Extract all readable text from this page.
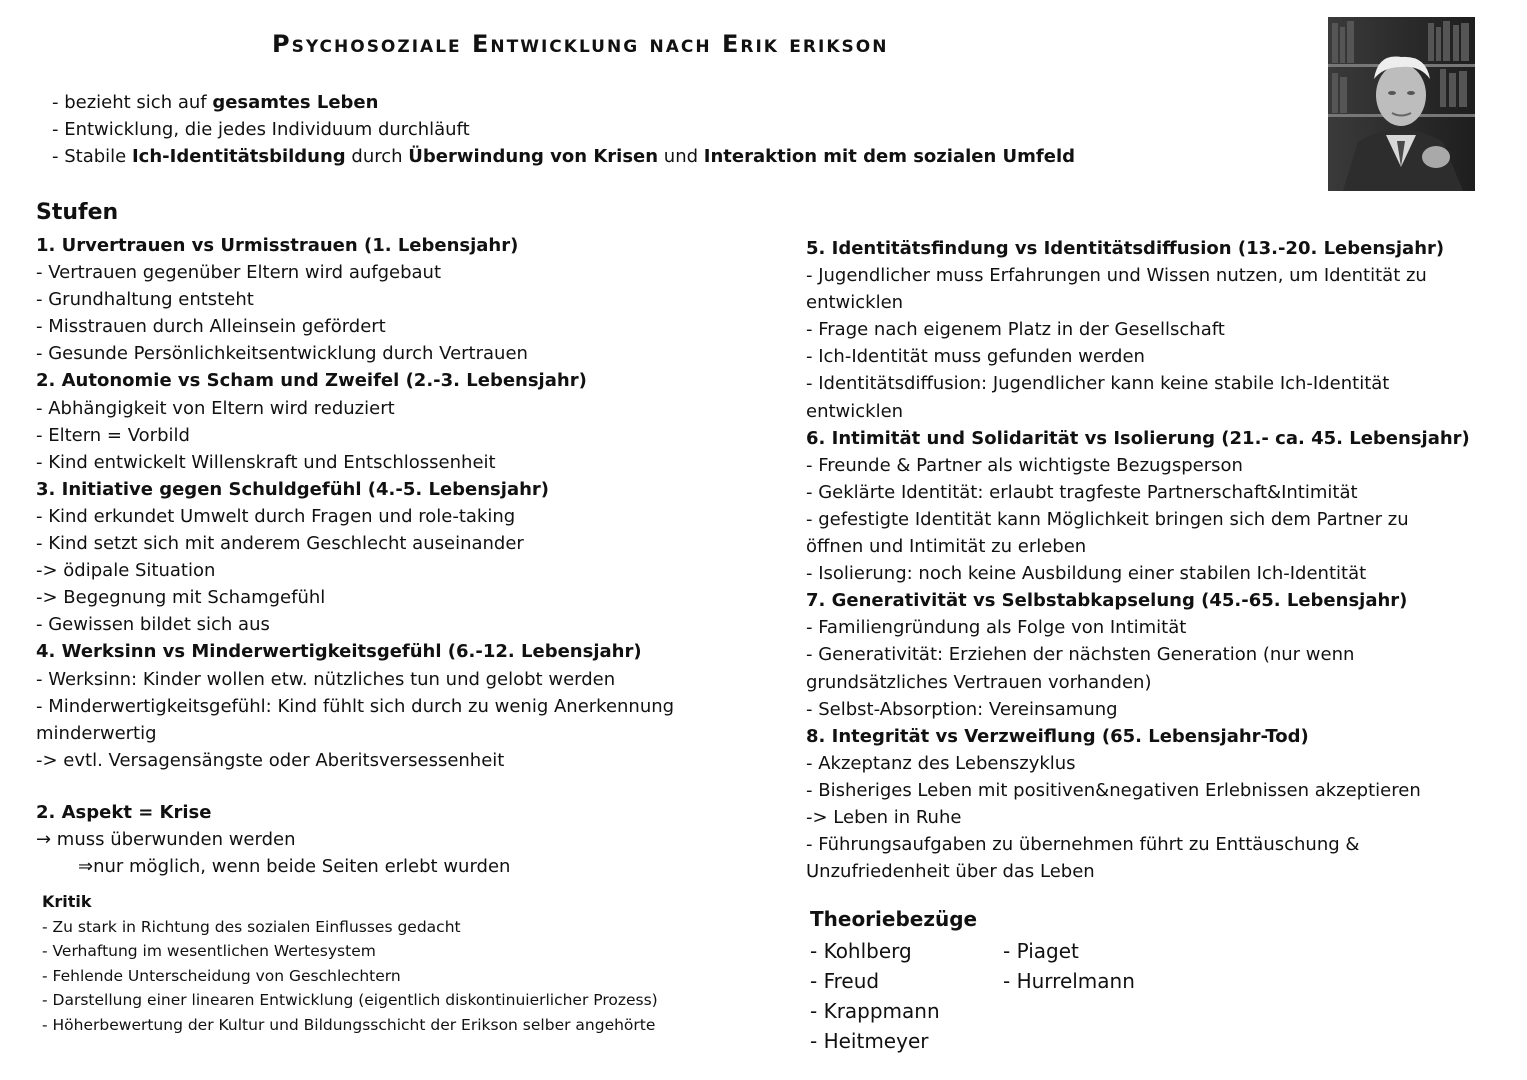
Psychosoziale Entwicklung nach Erik erikson
- bezieht sich auf gesamtes Leben
- Entwicklung, die jedes Individuum durchläuft
- Stabile Ich-Identitätsbildung durch Überwindung von Krisen und Interaktion mit dem sozialen Umfeld
Stufen
1. Urvertrauen vs Urmisstrauen (1. Lebensjahr)
- Vertrauen gegenüber Eltern wird aufgebaut
- Grundhaltung entsteht
- Misstrauen durch Alleinsein gefördert
- Gesunde Persönlichkeitsentwicklung durch Vertrauen
2. Autonomie vs Scham und Zweifel (2.-3. Lebensjahr)
- Abhängigkeit von Eltern wird reduziert
- Eltern = Vorbild
- Kind entwickelt Willenskraft und Entschlossenheit
3. Initiative gegen Schuldgefühl (4.-5. Lebensjahr)
- Kind erkundet Umwelt durch Fragen und role-taking
- Kind setzt sich mit anderem Geschlecht auseinander
-> ödipale Situation
-> Begegnung mit Schamgefühl
- Gewissen bildet sich aus
4. Werksinn vs Minderwertigkeitsgefühl (6.-12. Lebensjahr)
- Werksinn: Kinder wollen etw. nützliches tun und gelobt werden
- Minderwertigkeitsgefühl: Kind fühlt sich durch zu wenig Anerkennung
minderwertig
-> evtl. Versagensängste oder Aberitsversessenheit
2. Aspekt = Krise
→ muss überwunden werden
⇒nur möglich, wenn beide Seiten erlebt wurden
Kritik
- Zu stark in Richtung des sozialen Einflusses gedacht
- Verhaftung im wesentlichen Wertesystem
- Fehlende Unterscheidung von Geschlechtern
- Darstellung einer linearen Entwicklung (eigentlich diskontinuierlicher Prozess)
- Höherbewertung der Kultur und Bildungsschicht der Erikson selber angehörte
5. Identitätsfindung vs Identitätsdiffusion (13.-20. Lebensjahr)
- Jugendlicher muss Erfahrungen und Wissen nutzen, um Identität zu
entwicklen
- Frage nach eigenem Platz in der Gesellschaft
- Ich-Identität muss gefunden werden
- Identitätsdiffusion: Jugendlicher kann keine stabile Ich-Identität
entwicklen
6. Intimität und Solidarität vs Isolierung (21.- ca. 45. Lebensjahr)
- Freunde & Partner als wichtigste Bezugsperson
- Geklärte Identität: erlaubt tragfeste Partnerschaft&Intimität
- gefestigte Identität kann Möglichkeit bringen sich dem Partner zu
öffnen und Intimität zu erleben
- Isolierung: noch keine Ausbildung einer stabilen Ich-Identität
7. Generativität vs Selbstabkapselung (45.-65. Lebensjahr)
- Familiengründung als Folge von Intimität
- Generativität: Erziehen der nächsten Generation (nur wenn
grundsätzliches Vertrauen vorhanden)
- Selbst-Absorption: Vereinsamung
8. Integrität vs Verzweiflung (65. Lebensjahr-Tod)
- Akzeptanz des Lebenszyklus
- Bisheriges Leben mit positiven&negativen Erlebnissen akzeptieren
-> Leben in Ruhe
- Führungsaufgaben zu übernehmen führt zu Enttäuschung &
Unzufriedenheit über das Leben
Theoriebezüge
- Kohlberg
- Freud
- Krappmann
- Heitmeyer
- Piaget
- Hurrelmann
